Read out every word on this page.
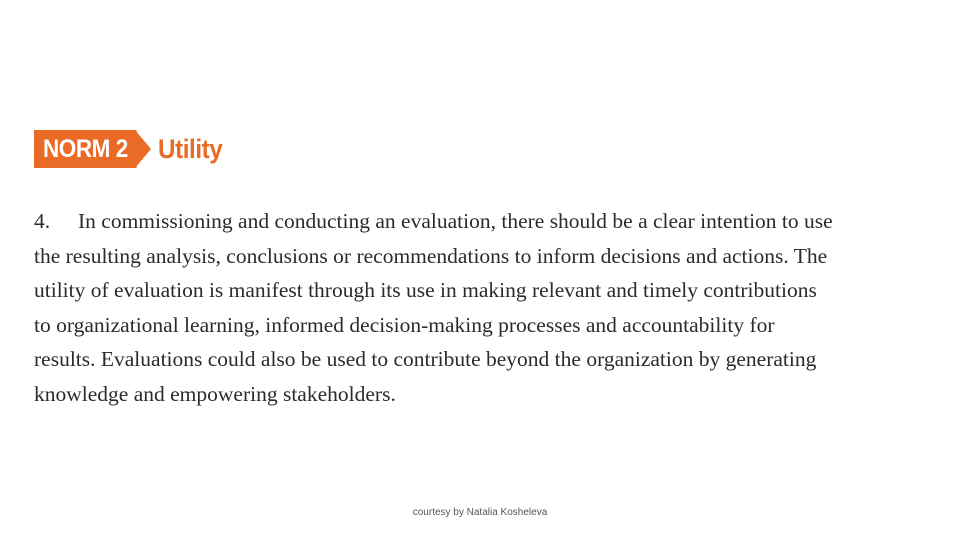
NORM 2	Utility
4. In commissioning and conducting an evaluation, there should be a clear intention to use
the resulting analysis, conclusions or recommendations to inform decisions and actions. The
utility of evaluation is manifest through its use in making relevant and timely contributions
to organizational learning, informed decision-making processes and accountability for
results. Evaluations could also be used to contribute beyond the organization by generating
knowledge and empowering stakeholders.
courtesy by Natalia Kosheleva
